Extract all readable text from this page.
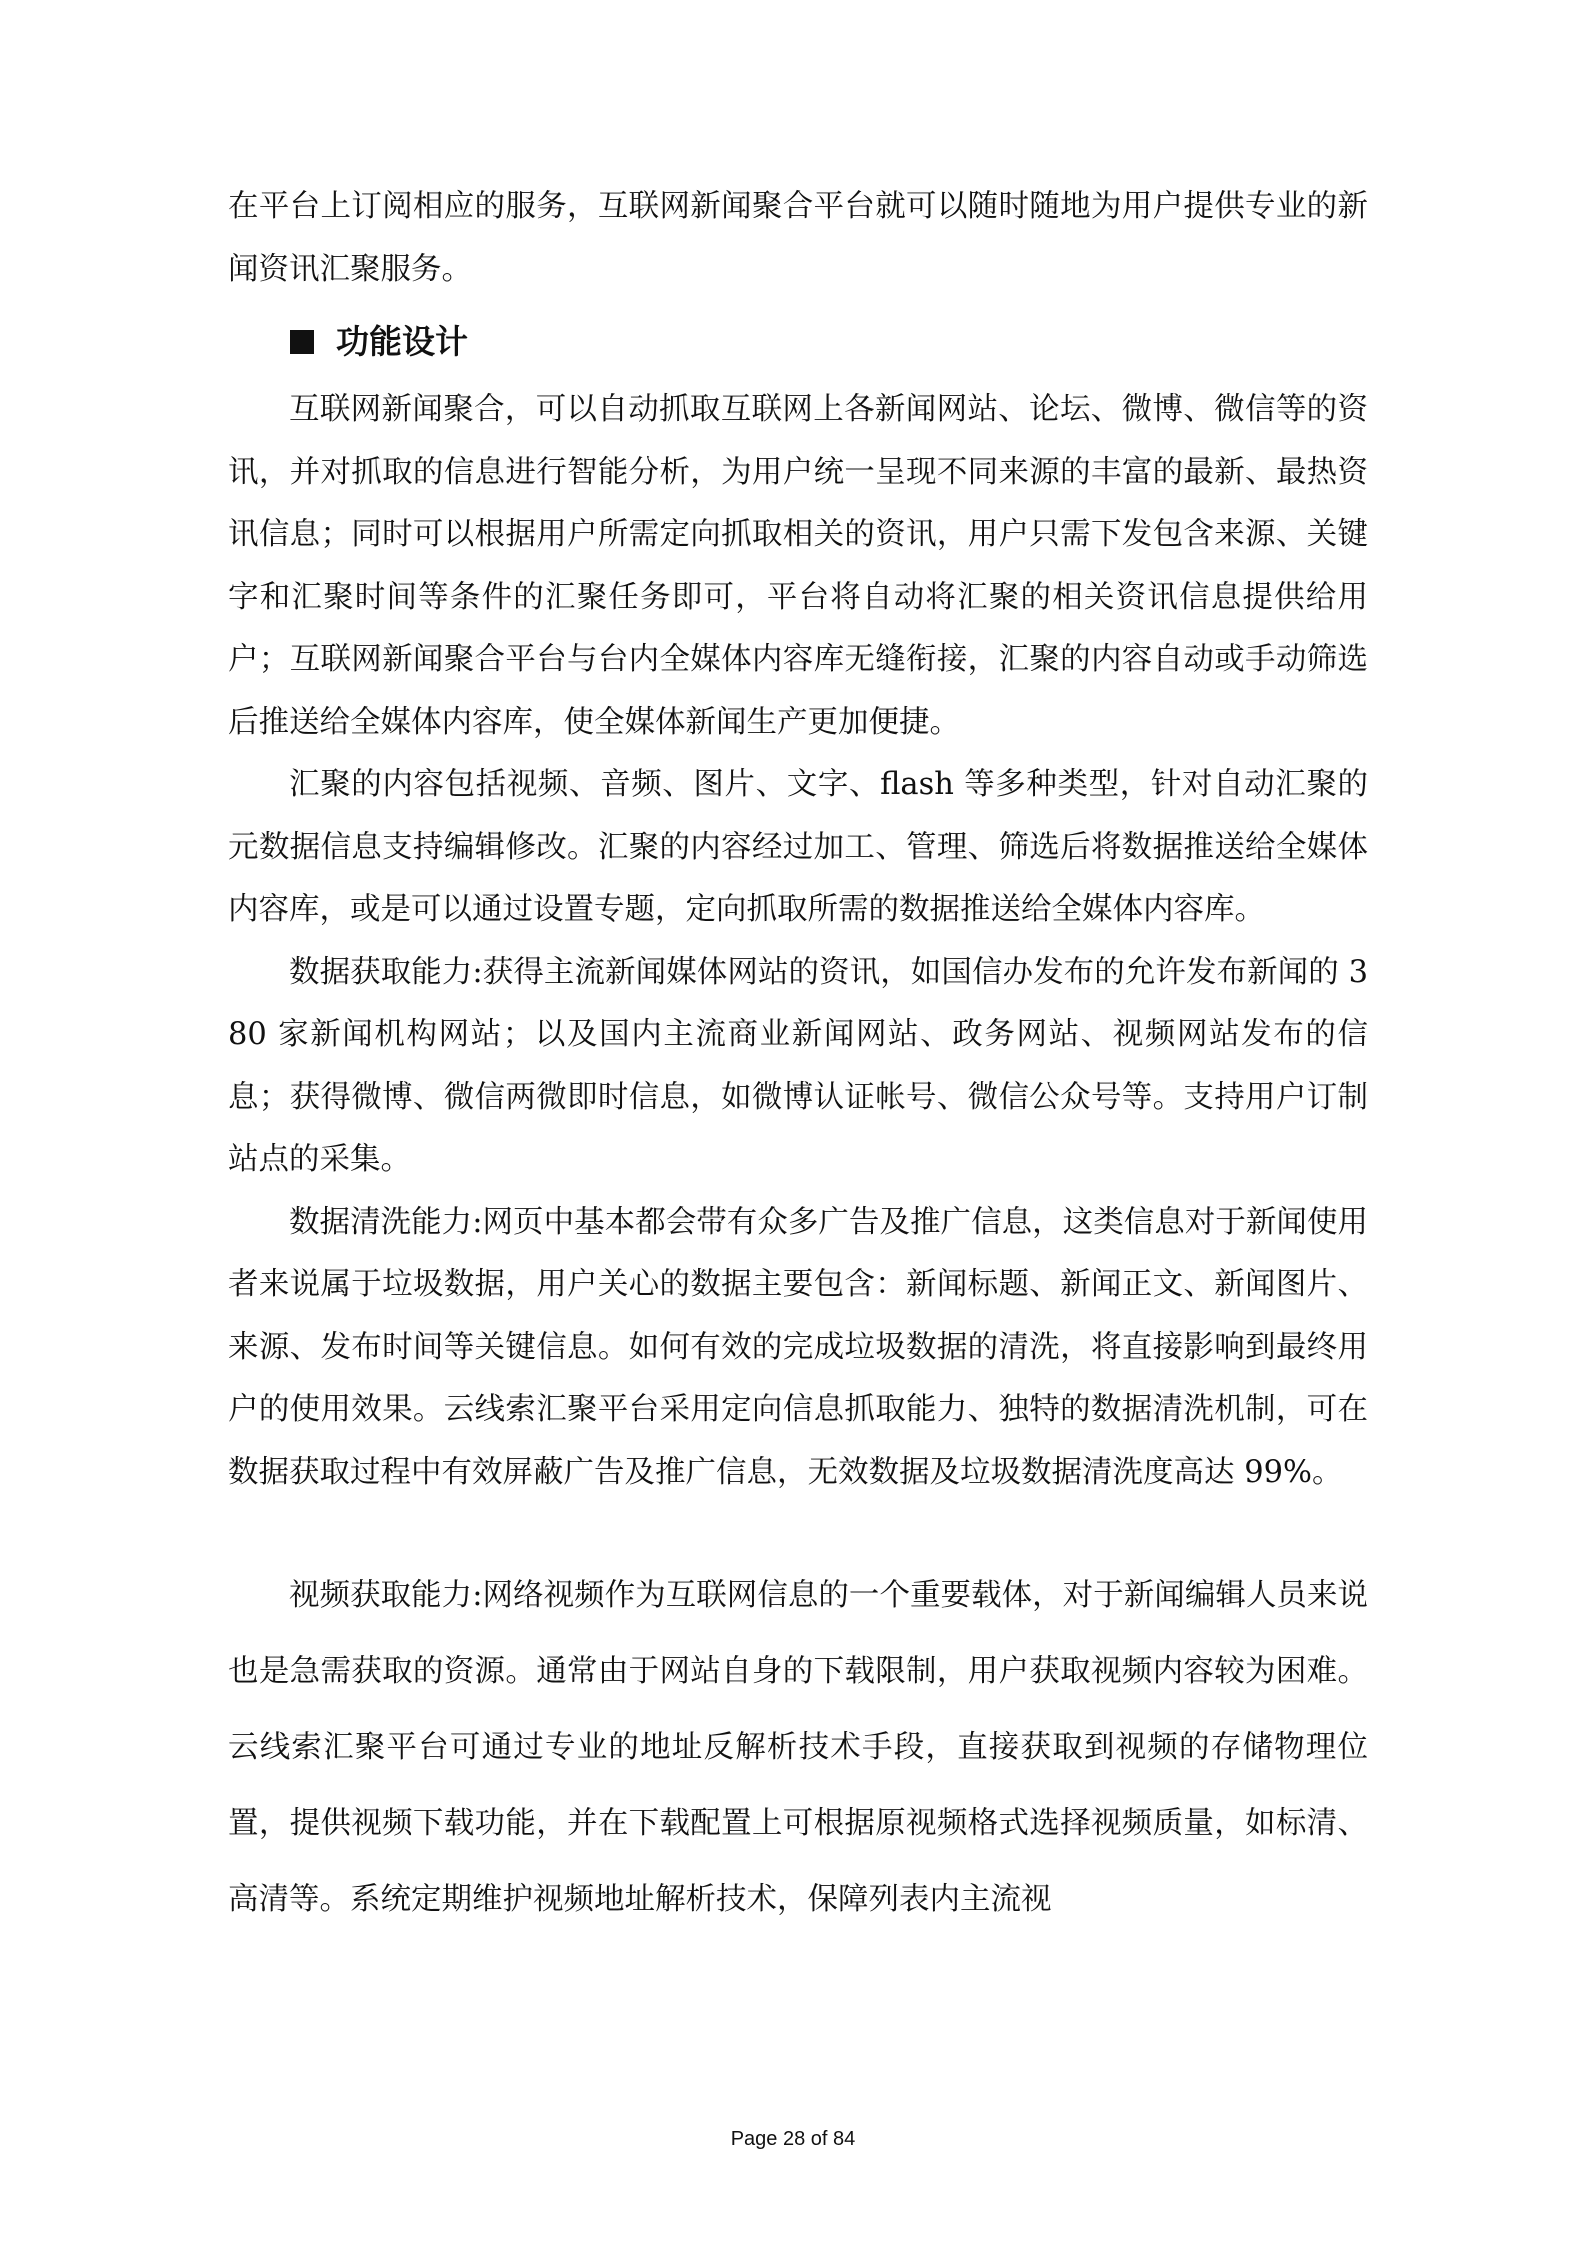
在平台上订阅相应的服务，互联网新闻聚合平台就可以随时随地为用户提供专业的新闻资讯汇聚服务。

功能设计

互联网新闻聚合，可以自动抓取互联网上各新闻网站、论坛、微博、微信等的资讯，并对抓取的信息进行智能分析，为用户统一呈现不同来源的丰富的最新、最热资讯信息；同时可以根据用户所需定向抓取相关的资讯，用户只需下发包含来源、关键字和汇聚时间等条件的汇聚任务即可，平台将自动将汇聚的相关资讯信息提供给用户；互联网新闻聚合平台与台内全媒体内容库无缝衔接，汇聚的内容自动或手动筛选后推送给全媒体内容库，使全媒体新闻生产更加便捷。

汇聚的内容包括视频、音频、图片、文字、flash 等多种类型，针对自动汇聚的元数据信息支持编辑修改。汇聚的内容经过加工、管理、筛选后将数据推送给全媒体内容库，或是可以通过设置专题，定向抓取所需的数据推送给全媒体内容库。

数据获取能力:获得主流新闻媒体网站的资讯，如国信办发布的允许发布新闻的 380 家新闻机构网站；以及国内主流商业新闻网站、政务网站、视频网站发布的信息；获得微博、微信两微即时信息，如微博认证帐号、微信公众号等。支持用户订制站点的采集。

数据清洗能力:网页中基本都会带有众多广告及推广信息，这类信息对于新闻使用者来说属于垃圾数据，用户关心的数据主要包含：新闻标题、新闻正文、新闻图片、来源、发布时间等关键信息。如何有效的完成垃圾数据的清洗，将直接影响到最终用户的使用效果。云线索汇聚平台采用定向信息抓取能力、独特的数据清洗机制，可在数据获取过程中有效屏蔽广告及推广信息，无效数据及垃圾数据清洗度高达 99%。

视频获取能力:网络视频作为互联网信息的一个重要载体，对于新闻编辑人员来说也是急需获取的资源。通常由于网站自身的下载限制，用户获取视频内容较为困难。云线索汇聚平台可通过专业的地址反解析技术手段，直接获取到视频的存储物理位置，提供视频下载功能，并在下载配置上可根据原视频格式选择视频质量，如标清、高清等。系统定期维护视频地址解析技术，保障列表内主流视

Page 28 of 84
